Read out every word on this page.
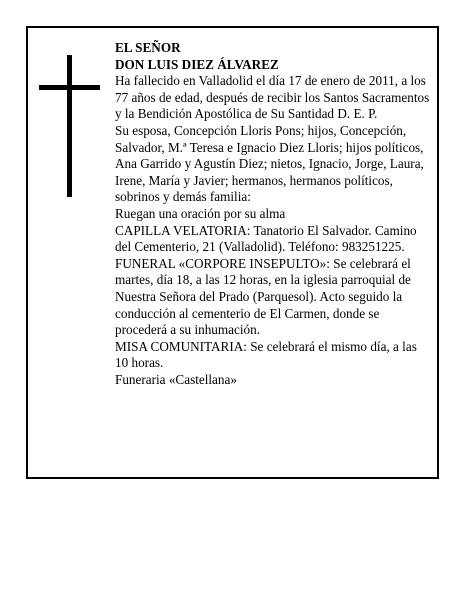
EL SEÑOR

DON LUIS DIEZ ÁLVAREZ

Ha fallecido en Valladolid el día 17 de enero de 2011, a los 77 años de edad, después de recibir los Santos Sacramentos y la Bendición Apostólica de Su Santidad D. E. P.

Su esposa, Concepción Lloris Pons; hijos, Concepción, Salvador, M.ª Teresa e Ignacio Diez Lloris; hijos políticos, Ana Garrido y Agustín Diez; nietos, Ignacio, Jorge, Laura, Irene, María y Javier; hermanos, hermanos políticos, sobrinos y demás familia:

Ruegan una oración por su alma

CAPILLA VELATORIA: Tanatorio El Salvador. Camino del Cementerio, 21 (Valladolid). Teléfono: 983251225.

FUNERAL «CORPORE INSEPULTO»: Se celebrará el martes, día 18, a las 12 horas, en la iglesia parroquial de Nuestra Señora del Prado (Parquesol). Acto seguido la conducción al cementerio de El Carmen, donde se procederá a su inhumación.

MISA COMUNITARIA: Se celebrará el mismo día, a las 10 horas.

Funeraria «Castellana»
